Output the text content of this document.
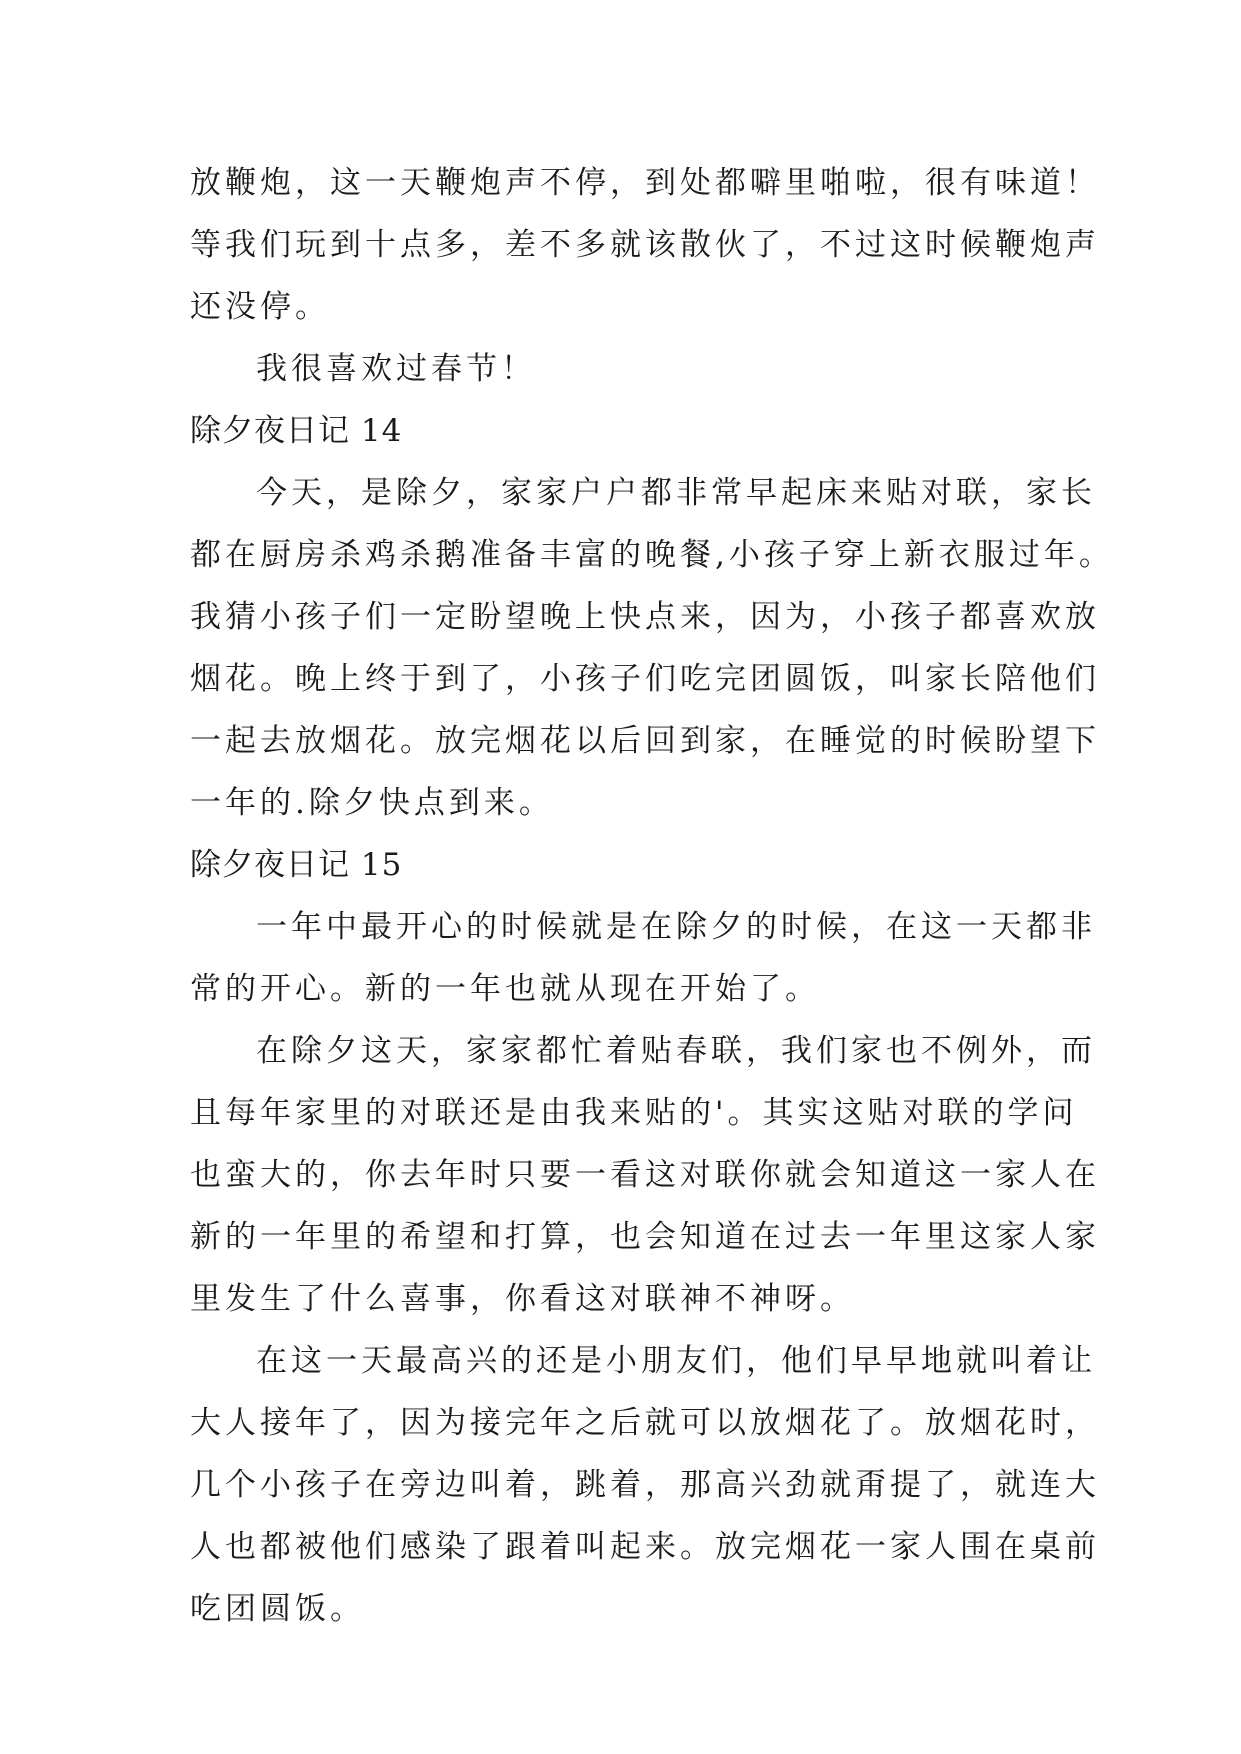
放鞭炮，这一天鞭炮声不停，到处都噼里啪啦，很有味道！
等我们玩到十点多，差不多就该散伙了，不过这时候鞭炮声
还没停。
我很喜欢过春节！
除夕夜日记 14
今天，是除夕，家家户户都非常早起床来贴对联，家长
都在厨房杀鸡杀鹅准备丰富的晚餐,小孩子穿上新衣服过年。
我猜小孩子们一定盼望晚上快点来，因为，小孩子都喜欢放
烟花。晚上终于到了，小孩子们吃完团圆饭，叫家长陪他们
一起去放烟花。放完烟花以后回到家，在睡觉的时候盼望下
一年的.除夕快点到来。
除夕夜日记 15
一年中最开心的时候就是在除夕的时候，在这一天都非
常的开心。新的一年也就从现在开始了。
在除夕这天，家家都忙着贴春联，我们家也不例外，而
且每年家里的对联还是由我来贴的'。其实这贴对联的学问
也蛮大的，你去年时只要一看这对联你就会知道这一家人在
新的一年里的希望和打算，也会知道在过去一年里这家人家
里发生了什么喜事，你看这对联神不神呀。
在这一天最高兴的还是小朋友们，他们早早地就叫着让
大人接年了，因为接完年之后就可以放烟花了。放烟花时，
几个小孩子在旁边叫着，跳着，那高兴劲就甭提了，就连大
人也都被他们感染了跟着叫起来。放完烟花一家人围在桌前
吃团圆饭。
